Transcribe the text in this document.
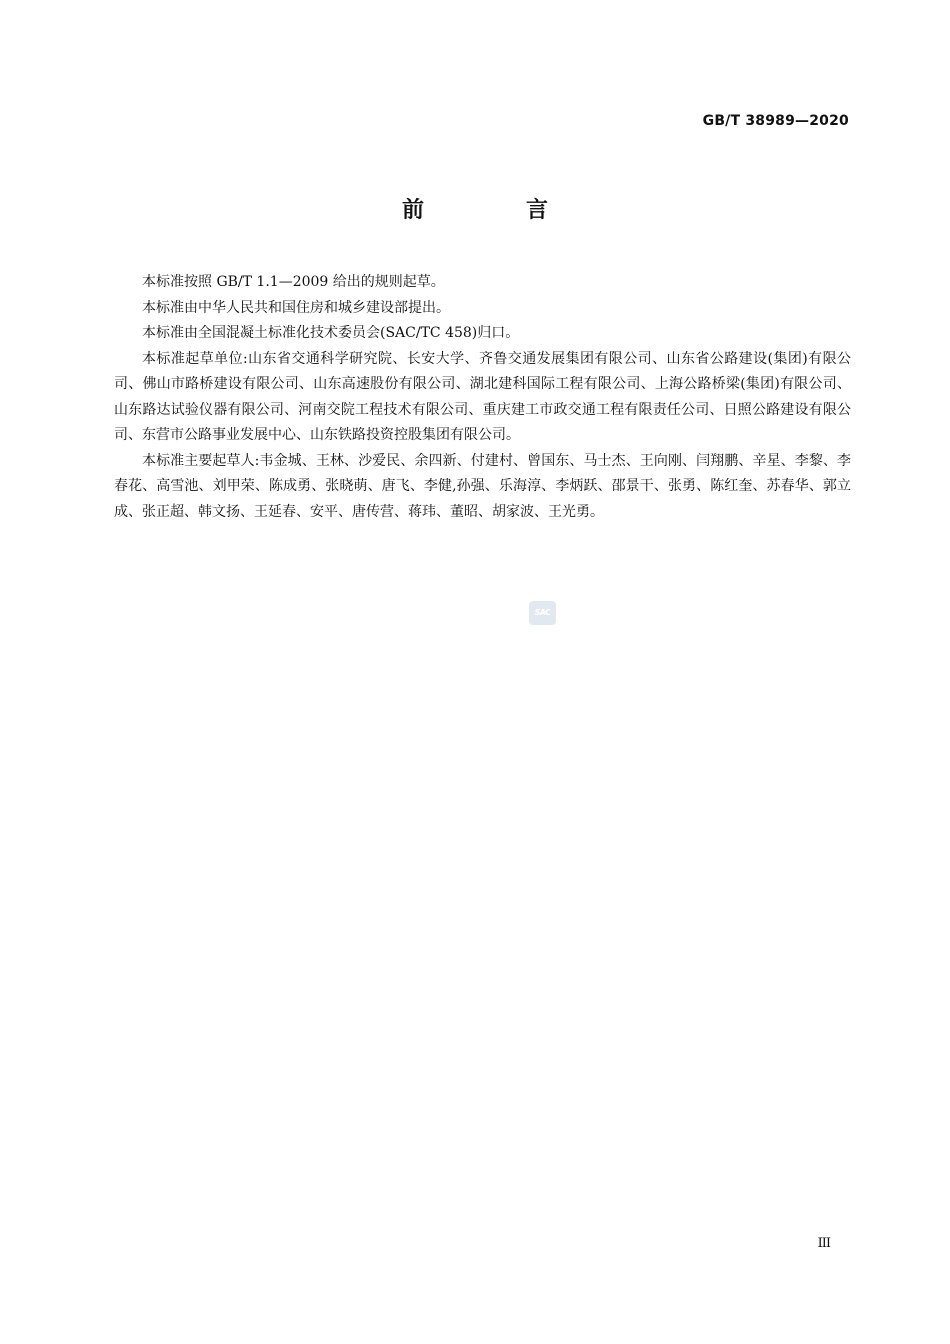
GB/T 38989—2020
前　言

本标准按照 GB/T 1.1—2009 给出的规则起草。

本标准由中华人民共和国住房和城乡建设部提出。

本标准由全国混凝土标准化技术委员会(SAC/TC 458)归口。

本标准起草单位:山东省交通科学研究院、长安大学、齐鲁交通发展集团有限公司、山东省公路建设(集团)有限公司、佛山市路桥建设有限公司、山东高速股份有限公司、湖北建科国际工程有限公司、上海公路桥梁(集团)有限公司、山东路达试验仪器有限公司、河南交院工程技术有限公司、重庆建工市政交通工程有限责任公司、日照公路建设有限公司、东营市公路事业发展中心、山东铁路投资控股集团有限公司。

本标准主要起草人:韦金城、王林、沙爱民、余四新、付建村、曾国东、马士杰、王向刚、闫翔鹏、辛星、李黎、李春花、高雪池、刘甲荣、陈成勇、张晓萌、唐飞、李健,孙强、乐海淳、李炳跃、邵景干、张勇、陈红奎、苏春华、郭立成、张正超、韩文扬、王延春、安平、唐传营、蒋玮、董昭、胡家波、王光勇。

SAC
III
